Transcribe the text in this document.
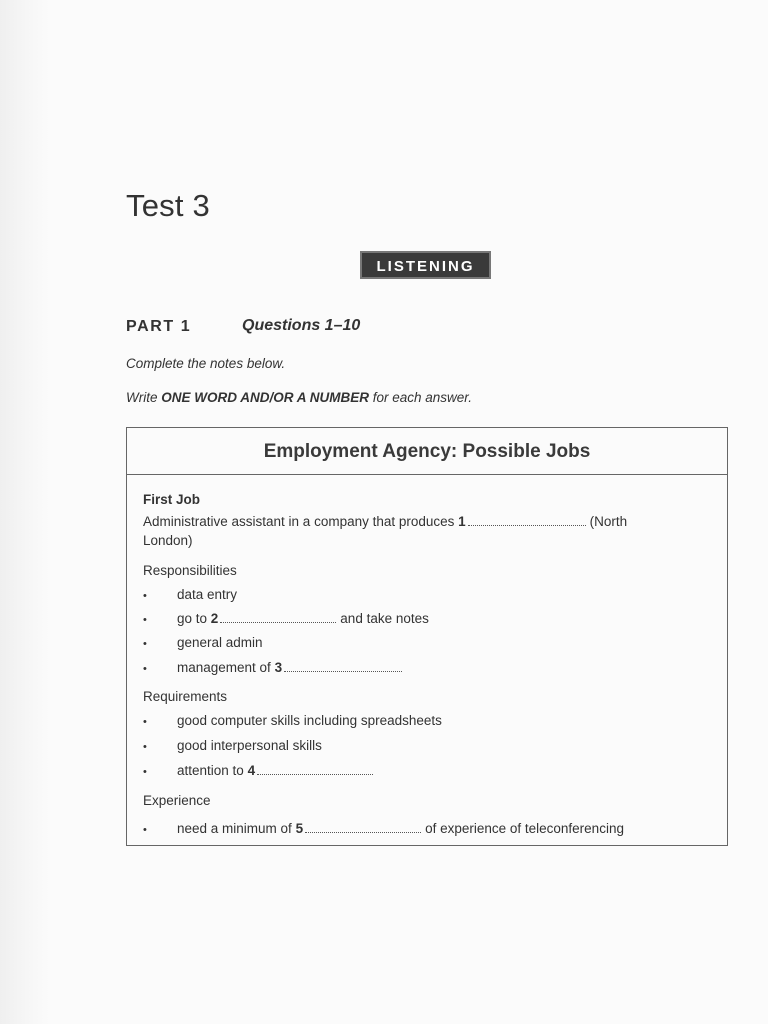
Test 3
LISTENING
PART 1	Questions 1–10
Complete the notes below.
Write ONE WORD AND/OR A NUMBER for each answer.
Employment Agency: Possible Jobs
First Job
Administrative assistant in a company that produces 1	(North
London)
Responsibilities
• data entry
• go to 2	and take notes
• general admin
• management of 3
Requirements
• good computer skills including spreadsheets
• good interpersonal skills
• attention to 4
Experience
• need a minimum of 5	of experience of teleconferencing
